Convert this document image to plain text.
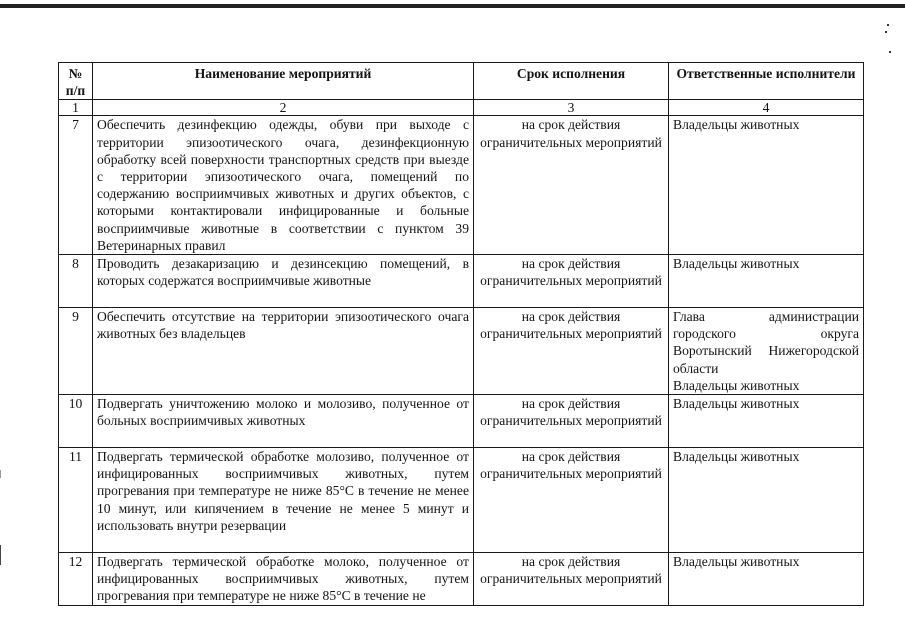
№ п/п	Наименование мероприятий	Срок исполнения	Ответственные исполнители
1	2	3	4
7	Обеспечить дезинфекцию одежды, обуви при выходе с территории эпизоотического очага, дезинфекционную обработку всей поверхности транспортных средств при выезде с территории эпизоотического очага, помещений по содержанию восприимчивых животных и других объектов, с которыми контактировали инфицированные и больные восприимчивые животные в соответствии с пунктом 39 Ветеринарных правил	на срок действия ограничительных мероприятий	Владельцы животных

8	Проводить дезакаризацию и дезинсекцию помещений, в которых содержатся восприимчивые животные	на срок действия ограничительных мероприятий	Владельцы животных

9	Обеспечить отсутствие на территории эпизоотического очага животных без владельцев	на срок действия ограничительных мероприятий	Глава администрации городского округа Воротынский Нижегородской области
Владельцы животных

10	Подвергать уничтожению молоко и молозиво, полученное от больных восприимчивых животных	на срок действия ограничительных мероприятий	Владельцы животных

11	Подвергать термической обработке молозиво, полученное от инфицированных восприимчивых животных, путем прогревания при температуре не ниже 85°С в течение не менее 10 минут, или кипячением в течение не менее 5 минут и использовать внутри резервации	на срок действия ограничительных мероприятий	Владельцы животных

12	Подвергать термической обработке молоко, полученное от инфицированных восприимчивых животных, путем прогревания при температуре не ниже 85°С в течение не	на срок действия ограничительных мероприятий	Владельцы животных
